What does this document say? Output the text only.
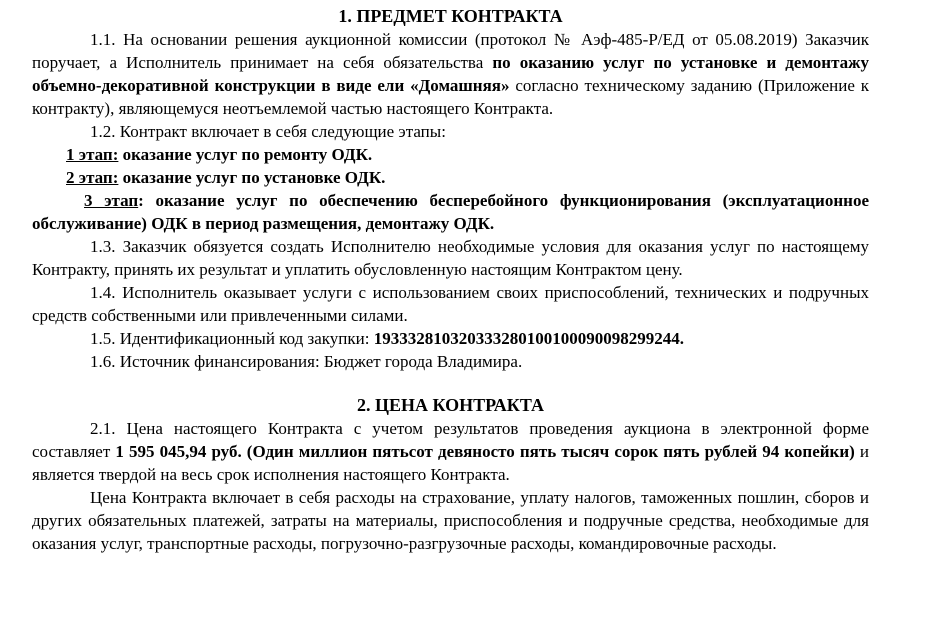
1. ПРЕДМЕТ КОНТРАКТА

1.1. На основании решения аукционной комиссии (протокол № Аэф-485-Р/ЕД от 05.08.2019) Заказчик поручает, а Исполнитель принимает на себя обязательства по оказанию услуг по установке и демонтажу объемно-декоративной конструкции в виде ели «Домашняя» согласно техническому заданию (Приложение к контракту), являющемуся неотъемлемой частью настоящего Контракта.

1.2. Контракт включает в себя следующие этапы:

1 этап: оказание услуг по ремонту ОДК.

2 этап: оказание услуг по установке ОДК.

3 этап: оказание услуг по обеспечению бесперебойного функционирования (эксплуатационное обслуживание) ОДК в период размещения, демонтажу ОДК.

1.3. Заказчик обязуется создать Исполнителю необходимые условия для оказания услуг по настоящему Контракту, принять их результат и уплатить обусловленную настоящим Контрактом цену.

1.4. Исполнитель оказывает услуги с использованием своих приспособлений, технических и подручных средств собственными или привлеченными силами.

1.5. Идентификационный код закупки: 193332810320333280100100090098299244.

1.6. Источник финансирования: Бюджет города Владимира.

2. ЦЕНА КОНТРАКТА

2.1. Цена настоящего Контракта с учетом результатов проведения аукциона в электронной форме составляет 1 595 045,94 руб. (Один миллион пятьсот девяносто пять тысяч сорок пять рублей 94 копейки) и является твердой на весь срок исполнения настоящего Контракта.

Цена Контракта включает в себя расходы на страхование, уплату налогов, таможенных пошлин, сборов и других обязательных платежей, затраты на материалы, приспособления и подручные средства, необходимые для оказания услуг, транспортные расходы, погрузочно-разгрузочные расходы, командировочные расходы.
